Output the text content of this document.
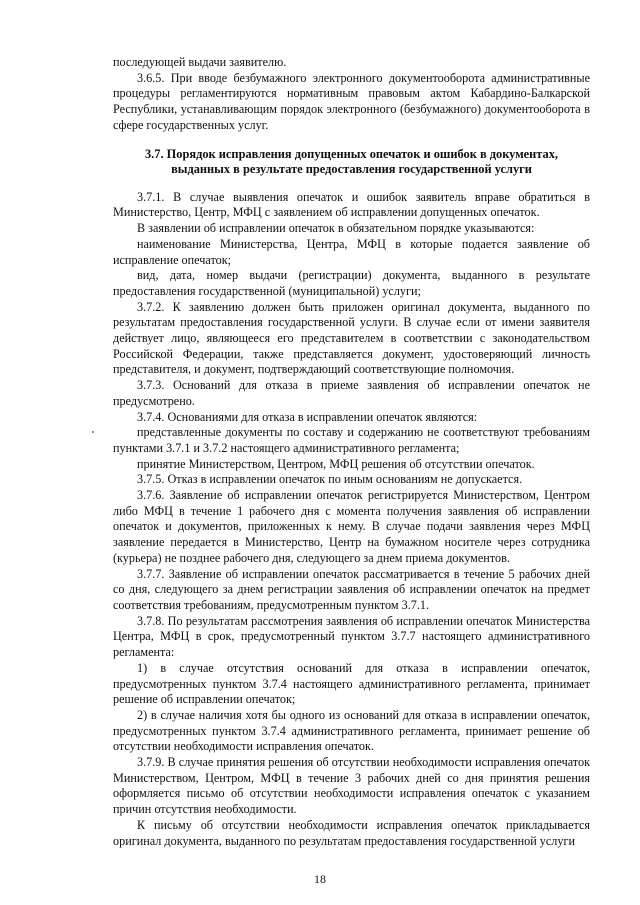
последующей выдачи заявителю.

3.6.5. При вводе безбумажного электронного документооборота административные процедуры регламентируются нормативным правовым актом Кабардино-Балкарской Республики, устанавливающим порядок электронного (безбумажного) документооборота в сфере государственных услуг.

3.7. Порядок исправления допущенных опечаток и ошибок в документах, выданных в результате предоставления государственной услуги

3.7.1. В случае выявления опечаток и ошибок заявитель вправе обратиться в Министерство, Центр, МФЦ с заявлением об исправлении допущенных опечаток.

В заявлении об исправлении опечаток в обязательном порядке указываются:

наименование Министерства, Центра, МФЦ в которые подается заявление об исправление опечаток;

вид, дата, номер выдачи (регистрации) документа, выданного в результате предоставления государственной (муниципальной) услуги;

3.7.2. К заявлению должен быть приложен оригинал документа, выданного по результатам предоставления государственной услуги. В случае если от имени заявителя действует лицо, являющееся его представителем в соответствии с законодательством Российской Федерации, также представляется документ, удостоверяющий личность представителя, и документ, подтверждающий соответствующие полномочия.

3.7.3. Оснований для отказа в приеме заявления об исправлении опечаток не предусмотрено.

3.7.4. Основаниями для отказа в исправлении опечаток являются:

представленные документы по составу и содержанию не соответствуют требованиям пунктами 3.7.1 и 3.7.2 настоящего административного регламента;

принятие Министерством, Центром, МФЦ решения об отсутствии опечаток.

3.7.5. Отказ в исправлении опечаток по иным основаниям не допускается.

3.7.6. Заявление об исправлении опечаток регистрируется Министерством, Центром либо МФЦ в течение 1 рабочего дня с момента получения заявления об исправлении опечаток и документов, приложенных к нему. В случае подачи заявления через МФЦ заявление передается в Министерство, Центр на бумажном носителе через сотрудника (курьера) не позднее рабочего дня, следующего за днем приема документов.

3.7.7. Заявление об исправлении опечаток рассматривается в течение 5 рабочих дней со дня, следующего за днем регистрации заявления об исправлении опечаток на предмет соответствия требованиям, предусмотренным пунктом 3.7.1.

3.7.8. По результатам рассмотрения заявления об исправлении опечаток Министерства Центра, МФЦ в срок, предусмотренный пунктом 3.7.7 настоящего административного регламента:

1) в случае отсутствия оснований для отказа в исправлении опечаток, предусмотренных пунктом 3.7.4 настоящего административного регламента, принимает решение об исправлении опечаток;

2) в случае наличия хотя бы одного из оснований для отказа в исправлении опечаток, предусмотренных пунктом 3.7.4 административного регламента, принимает решение об отсутствии необходимости исправления опечаток.

3.7.9. В случае принятия решения об отсутствии необходимости исправления опечаток Министерством, Центром, МФЦ в течение 3 рабочих дней со дня принятия решения оформляется письмо об отсутствии необходимости исправления опечаток с указанием причин отсутствия необходимости.

К письму об отсутствии необходимости исправления опечаток прикладывается оригинал документа, выданного по результатам предоставления государственной услуги

18
